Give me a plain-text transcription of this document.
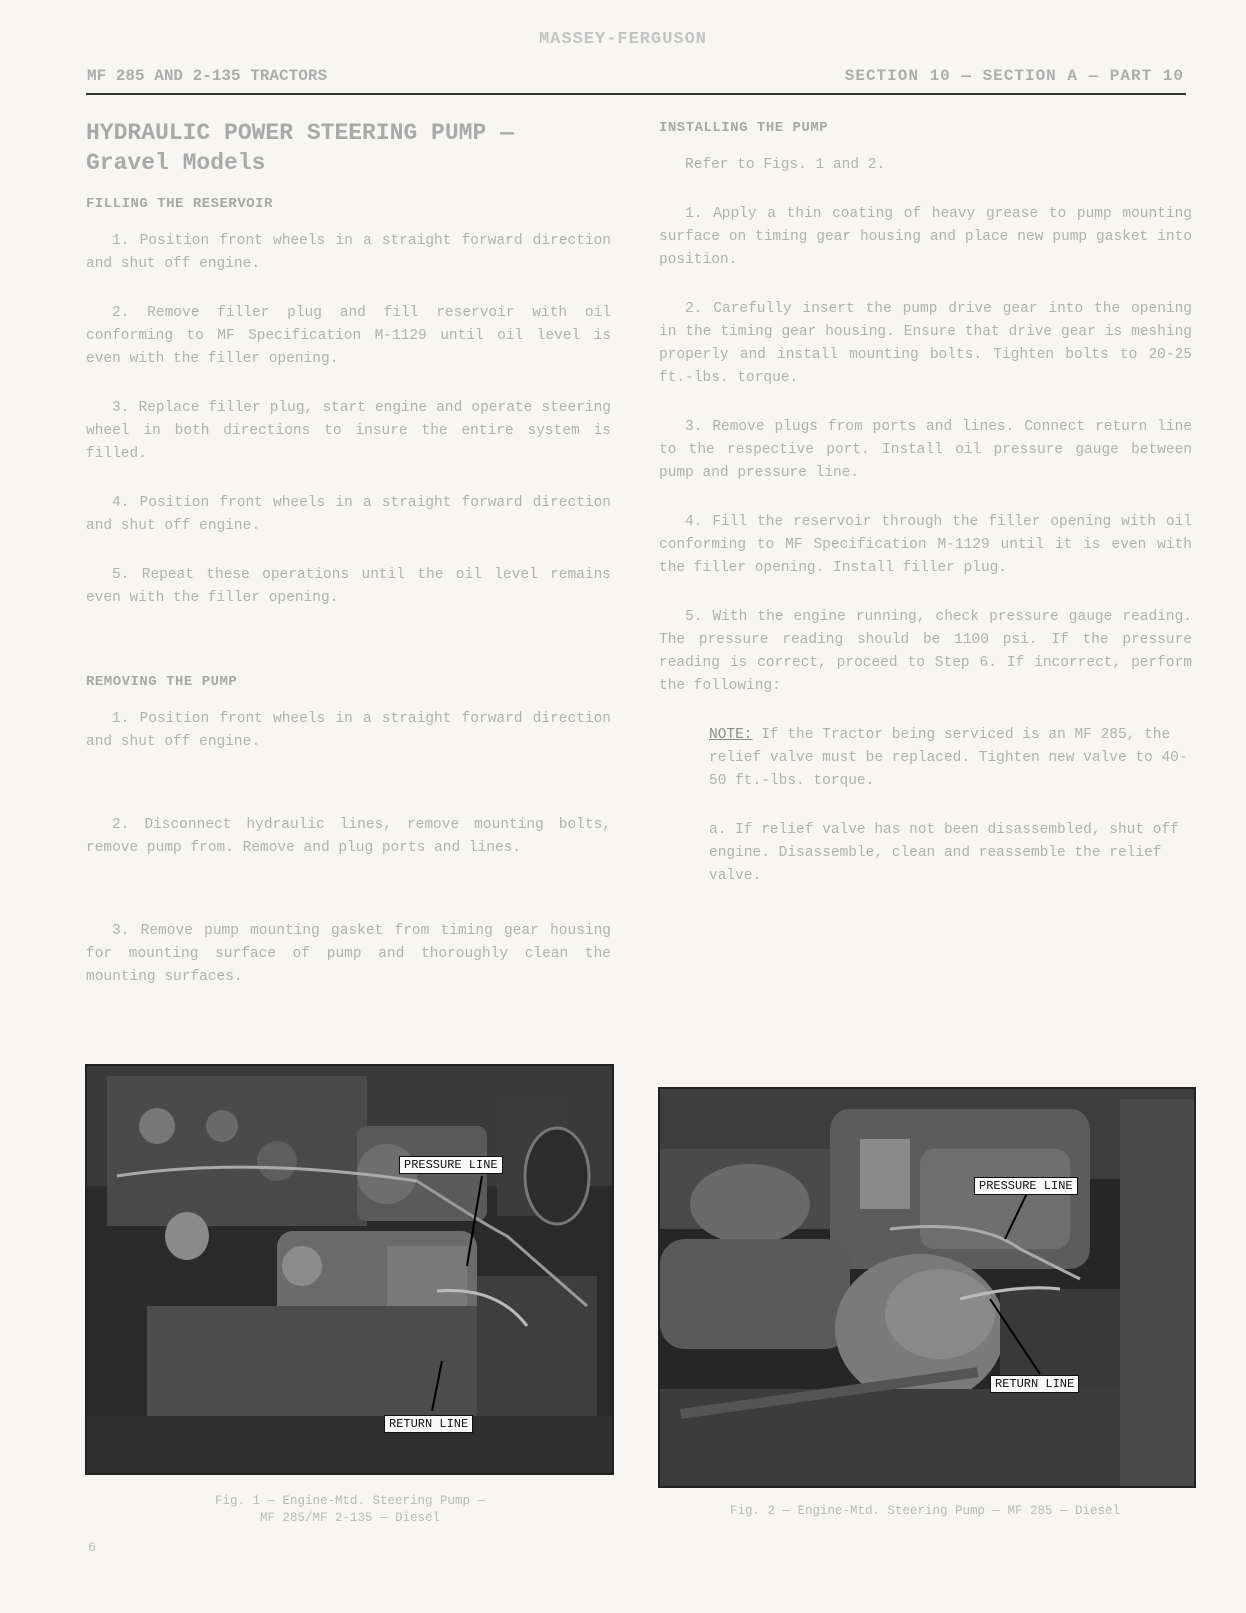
MASSEY-FERGUSON
MF 285 AND 2-135 TRACTORS	SECTION 10 — SECTION A — PART 10
HYDRAULIC POWER STEERING PUMP —
Gravel Models
FILLING THE RESERVOIR

1. Position front wheels in a straight forward direction and shut off engine.

2. Remove filler plug and fill reservoir with oil conforming to MF Specification M-1129 until oil level is even with the filler opening.

3. Replace filler plug, start engine and operate steering wheel in both directions to insure the entire system is filled.

4. Position front wheels in a straight forward direction and shut off engine.

5. Repeat these operations until the oil level remains even with the filler opening.

REMOVING THE PUMP

1. Position front wheels in a straight forward direction and shut off engine.

2. Disconnect hydraulic lines, remove mounting bolts, remove pump from. Remove and plug ports and lines.

3. Remove pump mounting gasket from timing gear housing for mounting surface of pump and thoroughly clean the mounting surfaces.

INSTALLING THE PUMP

Refer to Figs. 1 and 2.

1. Apply a thin coating of heavy grease to pump mounting surface on timing gear housing and place new pump gasket into position.

2. Carefully insert the pump drive gear into the opening in the timing gear housing. Ensure that drive gear is meshing properly and install mounting bolts. Tighten bolts to 20-25 ft.-lbs. torque.

3. Remove plugs from ports and lines. Connect return line to the respective port. Install oil pressure gauge between pump and pressure line.

4. Fill the reservoir through the filler opening with oil conforming to MF Specification M-1129 until it is even with the filler opening. Install filler plug.

5. With the engine running, check pressure gauge reading. The pressure reading should be 1100 psi. If the pressure reading is correct, proceed to Step 6. If incorrect, perform the following:

NOTE: If the Tractor being serviced is an MF 285, the relief valve must be replaced. Tighten new valve to 40-50 ft.-lbs. torque.
a. If relief valve has not been disassembled, shut off engine. Disassemble, clean and reassemble the relief valve.
PRESSURE LINE
RETURN LINE
Fig. 1 — Engine-Mtd. Steering Pump —
MF 285/MF 2-135 — Diesel
PRESSURE LINE
RETURN LINE
Fig. 2 — Engine-Mtd. Steering Pump — MF 285 — Diesel
6
